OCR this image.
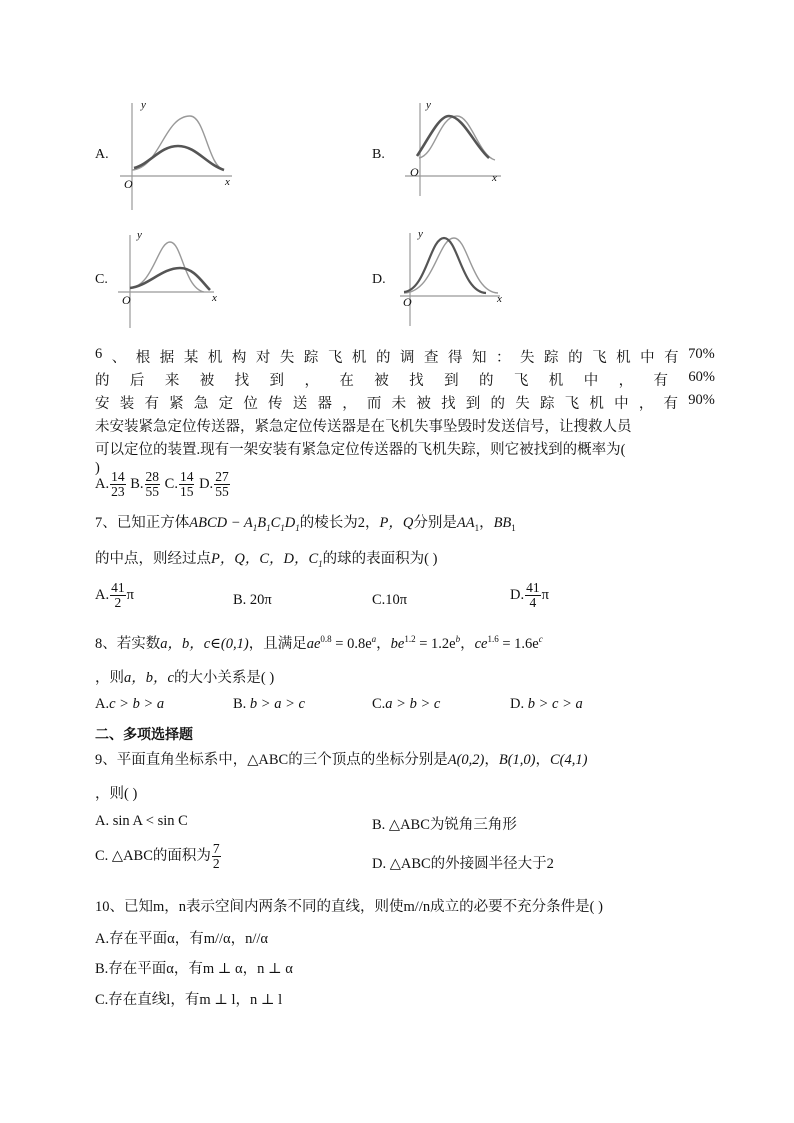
A.
y
O	x
B.
y
O	x
C.
y
O	x
D.
y
O	x
6 、 根 据 某 机 构 对 失 踪 飞 机 的 调 查 得 知 ： 失 踪 的 飞 机 中 有 70%
的 后 来 被 找 到 ， 在 被 找 到 的 飞 机 中 ， 有 60%
安 装 有 紧 急 定 位 传 送 器 ， 而 未 被 找 到 的 失 踪 飞 机 中 ， 有 90%
未安装紧急定位传送器，紧急定位传送器是在飞机失事坠毁时发送信号，让搜救人员
可以定位的装置.现有一架安装有紧急定位传送器的飞机失踪，则它被找到的概率为(
)
A. $\frac{14}{23} B$. $\frac{28}{55} C$. $\frac{14}{15} D$. $\frac{27}{55}$
7、已知正方体ABCD − $A_1B_1C_1D_1$的棱长为2，P，Q分别是$AA_1$，$BB_1$
的中点，则经过点P，Q，C，D，$C_1$的球的表面积为( )
A. $\frac{41}{2}$ π	B. 20π	C.10π	D. $\frac{41}{4}$ π
8、若实数a，b，c∈(0,1)，且满足$ae^{0.8} = 0.8e^a$，$be^{1.2} = 1.2e^b$，$ce^{1.6} = 1.6e^c$
，则a，b，c的大小关系是( )
A.c > b > a	B. b > a > c	C.a > b > c	D. b > c > a
二、多项选择题
9、平面直角坐标系中，△ABC的三个顶点的坐标分别是A(0,2)，B(1,0)，C(4,1)
，则( )
A. sin A < sin C	B. △ABC为锐角三角形
C. △ABC的面积为 $\frac{7}{2}$	D. △ABC的外接圆半径大于2
10、已知m，n表示空间内两条不同的直线，则使m//n成立的必要不充分条件是( )
A.存在平面α，有m//α，n//α
B.存在平面α，有m ⊥ α，n ⊥ α
C.存在直线l，有m ⊥ l，n ⊥ l
